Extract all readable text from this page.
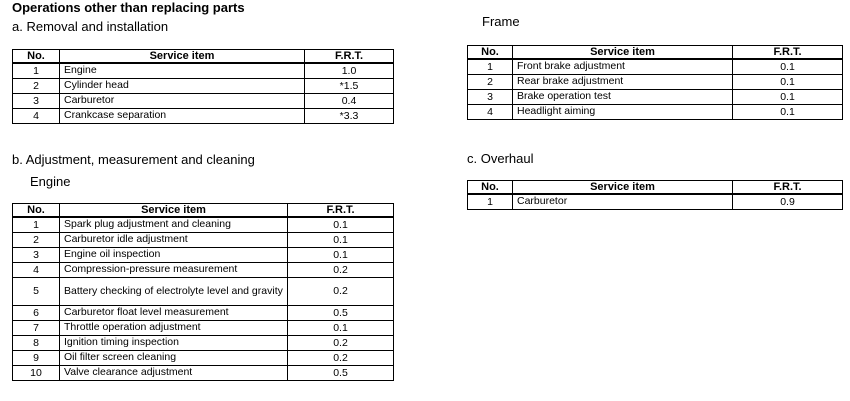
Operations other than replacing parts
a. Removal and installation
b. Adjustment, measurement and cleaning
Engine
Frame
c. Overhaul
No.	Service item	F.R.T.
1	Engine	1.0
2	Cylinder head	*1.5
3	Carburetor	0.4
4	Crankcase separation	*3.3
No.	Service item	F.R.T.
1	Spark plug adjustment and cleaning	0.1
2	Carburetor idle adjustment	0.1
3	Engine oil inspection	0.1
4	Compression-pressure measurement	0.2
5	Battery checking of electrolyte level and gravity	0.2
6	Carburetor float level measurement	0.5
7	Throttle operation adjustment	0.1
8	Ignition timing inspection	0.2
9	Oil filter screen cleaning	0.2
10	Valve clearance adjustment	0.5
No.	Service item	F.R.T.
1	Front brake adjustment	0.1
2	Rear brake adjustment	0.1
3	Brake operation test	0.1
4	Headlight aiming	0.1
No.	Service item	F.R.T.
1	Carburetor	0.9
